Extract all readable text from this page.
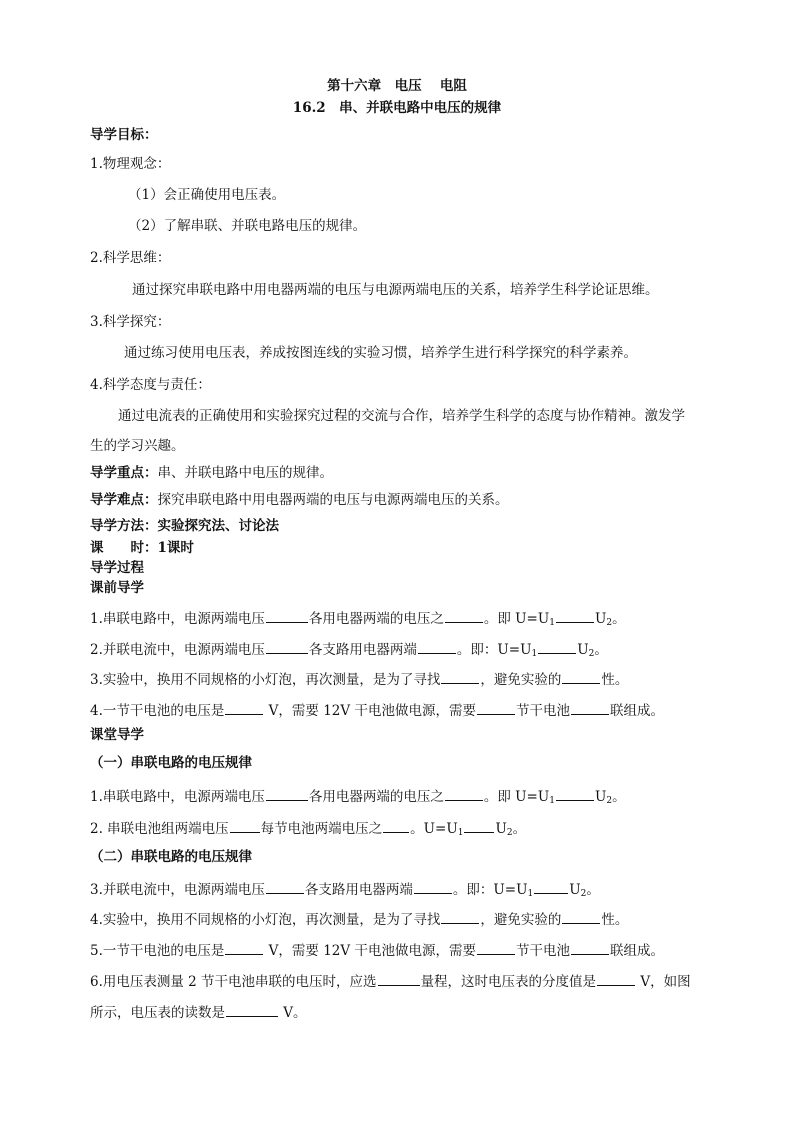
第十六章　电压　 电阻
16.2　串、并联电路中电压的规律
导学目标：
1.物理观念：
（1）会正确使用电压表。
（2）了解串联、并联电路电压的规律。
2.科学思维：
通过探究串联电路中用电器两端的电压与电源两端电压的关系，培养学生科学论证思维。
3.科学探究：
通过练习使用电压表，养成按图连线的实验习惯，培养学生进行科学探究的科学素养。
4.科学态度与责任：
通过电流表的正确使用和实验探究过程的交流与合作，培养学生科学的态度与协作精神。激发学
生的学习兴趣。
导学重点：串、并联电路中电压的规律。
导学难点：探究串联电路中用电器两端的电压与电源两端电压的关系。
导学方法：实验探究法、讨论法
课　　时：1课时
导学过程
课前导学
1.串联电路中，电源两端电压	各用电器两端的电压之	。即 $U=U_1$	$U_2$。
2.并联电流中，电源两端电压	各支路用电器两端	。即：$U=U_1$	$U_2$。
3.实验中，换用不同规格的小灯泡，再次测量，是为了寻找	，避免实验的	性。
4.一节干电池的电压是	V，需要 12V 干电池做电源，需要	节干电池	联组成。
课堂导学
（一）串联电路的电压规律
1.串联电路中，电源两端电压	各用电器两端的电压之	。即 $U=U_1$	$U_2$。
2. 串联电池组两端电压 每节电池两端电压之 。$U=U_1$ $U_2$。
（二）串联电路的电压规律
3.并联电流中，电源两端电压	各支路用电器两端	。即：$U=U_1$	$U_2$。
4.实验中，换用不同规格的小灯泡，再次测量，是为了寻找	，避免实验的	性。
5.一节干电池的电压是	V，需要 12V 干电池做电源，需要	节干电池	联组成。
6.用电压表测量 2 节干电池串联的电压时，应选	量程，这时电压表的分度值是	V，如图
所示，电压表的读数是	V。
